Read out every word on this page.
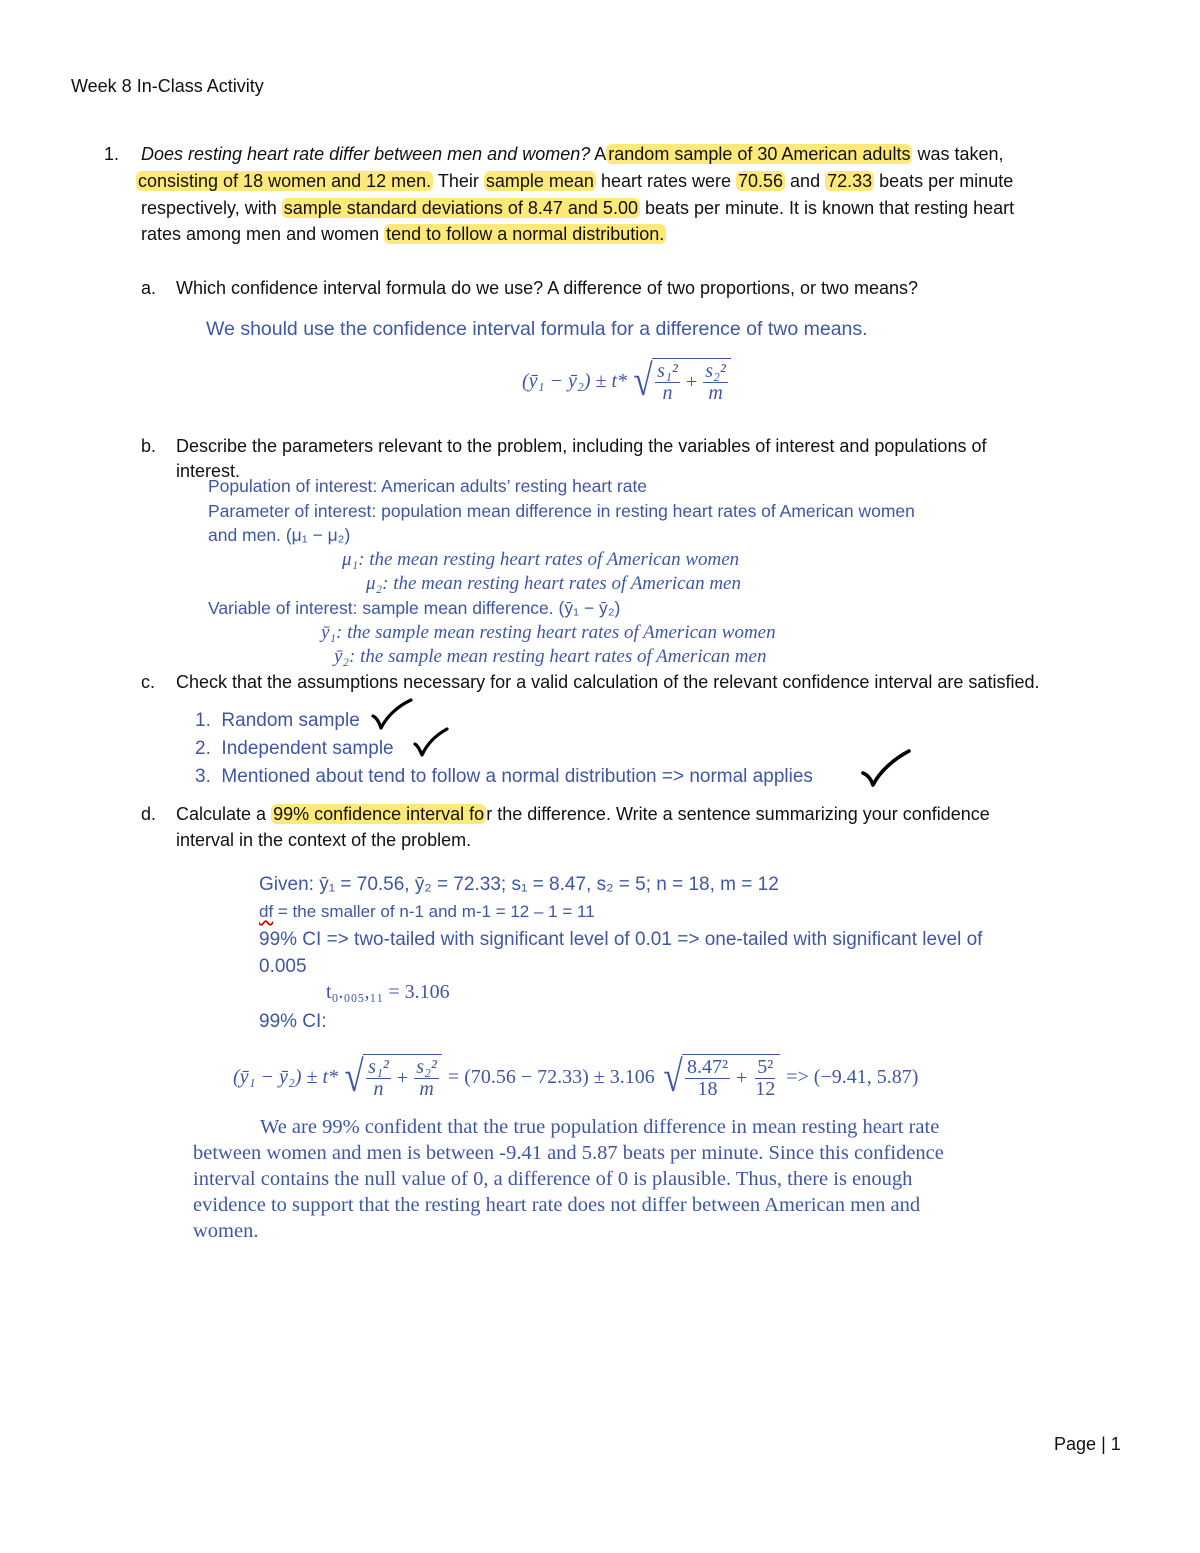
Week 8 In-Class Activity
1. Does resting heart rate differ between men and women? A random sample of 30 American adults was taken,
consisting of 18 women and 12 men. Their sample mean heart rates were 70.56 and 72.33 beats per minute
respectively, with sample standard deviations of 8.47 and 5.00 beats per minute. It is known that resting heart
rates among men and women tend to follow a normal distribution.
a. Which confidence interval formula do we use? A difference of two proportions, or two means?
We should use the confidence interval formula for a difference of two means.
(ȳ₁ − ȳ₂) ± t* √ $\frac{\text{s₁²}}{n} + \frac{\text{s₂²}}{m}$
b. Describe the parameters relevant to the problem, including the variables of interest and populations of
interest.
Population of interest: American adults’ resting heart rate
Parameter of interest: population mean difference in resting heart rates of American women
and men. (μ₁ − μ₂)
μ₁: the mean resting heart rates of American women
μ₂: the mean resting heart rates of American men
Variable of interest: sample mean difference. (ȳ₁ − ȳ₂)
ȳ₁: the sample mean resting heart rates of American women
ȳ₂: the sample mean resting heart rates of American men
c. Check that the assumptions necessary for a valid calculation of the relevant confidence interval are satisfied.
1. Random sample
2. Independent sample
3. Mentioned about tend to follow a normal distribution => normal applies
d. Calculate a 99% confidence interval fo r the difference. Write a sentence summarizing your confidence
interval in the context of the problem.
Given: ȳ₁ = 70.56, ȳ₂ = 72.33; s₁ = 8.47, s₂ = 5; n = 18, m = 12
df = the smaller of n-1 and m-1 = 12 – 1 = 11
99% CI => two-tailed with significant level of 0.01 => one-tailed with significant level of
0.005
t₀.₀₀₅,₁₁ = 3.106
99% CI:
(ȳ₁ − ȳ₂) ± t* √ $\frac{\text{s₁²}}{n} + \frac{\text{s₂²}}{m} = (70.56 - 72.33) \pm 3.106$ √ $\frac{\text{8.47²}}{18} + \frac{\text{5²}}{12} => (-9.41$, 5.87)
We are 99% confident that the true population difference in mean resting heart rate
between women and men is between -9.41 and 5.87 beats per minute. Since this confidence
interval contains the null value of 0, a difference of 0 is plausible. Thus, there is enough
evidence to support that the resting heart rate does not differ between American men and
women.
Page | 1
